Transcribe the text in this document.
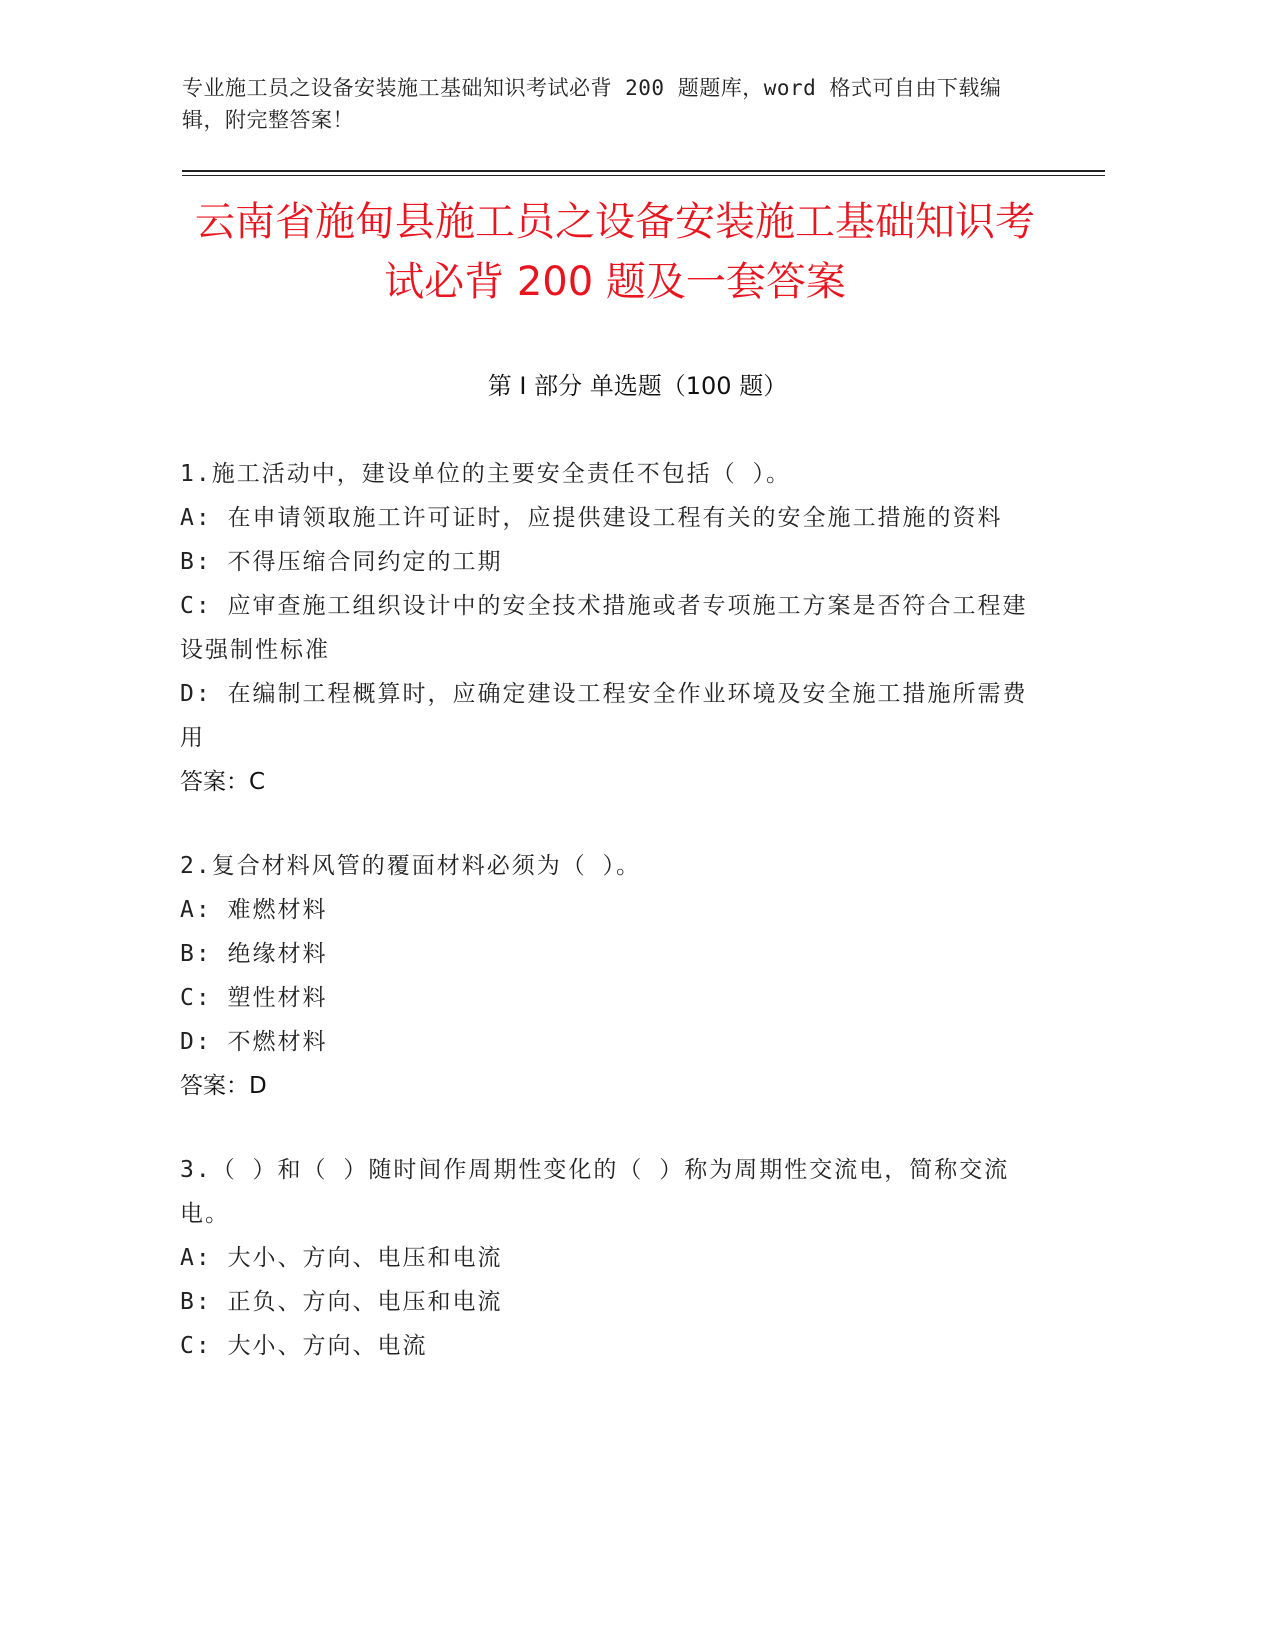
专业施工员之设备安装施工基础知识考试必背 200 题题库，word 格式可自由下载编辑，附完整答案！
云南省施甸县施工员之设备安装施工基础知识考试必背 200 题及一套答案
第 I 部分 单选题（100 题）
1.施工活动中，建设单位的主要安全责任不包括（ ）。
A: 在申请领取施工许可证时，应提供建设工程有关的安全施工措施的资料
B: 不得压缩合同约定的工期
C: 应审查施工组织设计中的安全技术措施或者专项施工方案是否符合工程建设强制性标准
D: 在编制工程概算时，应确定建设工程安全作业环境及安全施工措施所需费用
答案：C
2.复合材料风管的覆面材料必须为（ ）。
A: 难燃材料
B: 绝缘材料
C: 塑性材料
D: 不燃材料
答案：D
3.（ ）和（ ）随时间作周期性变化的（ ）称为周期性交流电，简称交流电。
A: 大小、方向、电压和电流
B: 正负、方向、电压和电流
C: 大小、方向、电流
